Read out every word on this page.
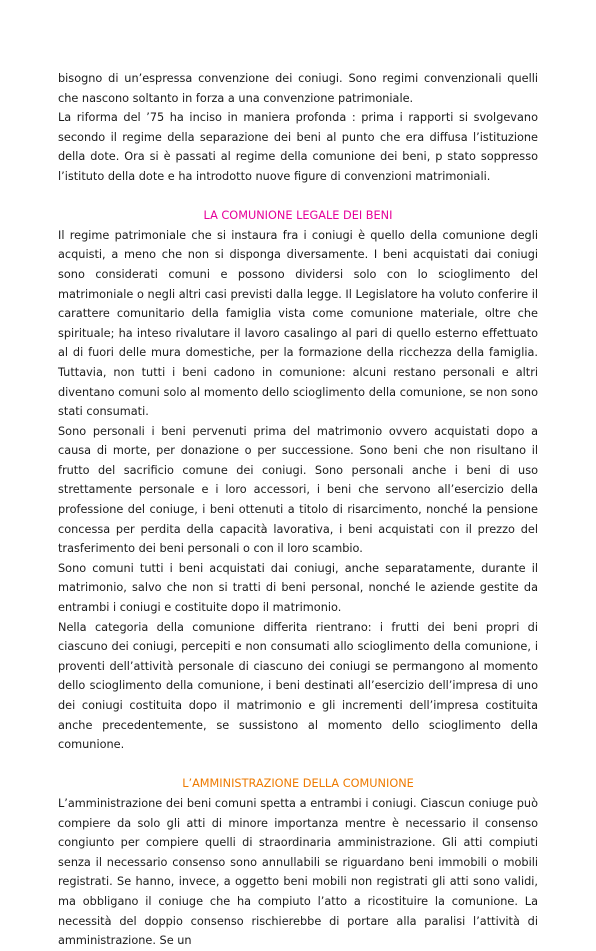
bisogno di un’espressa convenzione dei coniugi. Sono regimi convenzionali quelli che nascono soltanto in forza a una convenzione patrimoniale.

La riforma del ’75 ha inciso in maniera profonda : prima i rapporti si svolgevano secondo il regime della separazione dei beni al punto che era diffusa l’istituzione della dote. Ora si è passati al regime della comunione dei beni, p stato soppresso l’istituto della dote e ha introdotto nuove figure di convenzioni matrimoniali.

LA COMUNIONE LEGALE DEI BENI

Il regime patrimoniale che si instaura fra i coniugi è quello della comunione degli acquisti, a meno che non si disponga diversamente. I beni acquistati dai coniugi sono considerati comuni e possono dividersi solo con lo scioglimento del matrimoniale o negli altri casi previsti dalla legge. Il Legislatore ha voluto conferire il carattere comunitario della famiglia vista come comunione materiale, oltre che spirituale; ha inteso rivalutare il lavoro casalingo al pari di quello esterno effettuato al di fuori delle mura domestiche, per la formazione della ricchezza della famiglia. Tuttavia, non tutti i beni cadono in comunione: alcuni restano personali e altri diventano comuni solo al momento dello scioglimento della comunione, se non sono stati consumati.

Sono personali i beni pervenuti prima del matrimonio ovvero acquistati dopo a causa di morte, per donazione o per successione. Sono beni che non risultano il frutto del sacrificio comune dei coniugi. Sono personali anche i beni di uso strettamente personale e i loro accessori, i beni che servono all’esercizio della professione del coniuge, i beni ottenuti a titolo di risarcimento, nonché la pensione concessa per perdita della capacità lavorativa, i beni acquistati con il prezzo del trasferimento dei beni personali o con il loro scambio.

Sono comuni tutti i beni acquistati dai coniugi, anche separatamente, durante il matrimonio, salvo che non si tratti di beni personal, nonché le aziende gestite da entrambi i coniugi e costituite dopo il matrimonio.

Nella categoria della comunione differita rientrano: i frutti dei beni propri di ciascuno dei coniugi, percepiti e non consumati allo scioglimento della comunione, i proventi dell’attività personale di ciascuno dei coniugi se permangono al momento dello scioglimento della comunione, i beni destinati all’esercizio dell’impresa di uno dei coniugi costituita dopo il matrimonio e gli incrementi dell’impresa costituita anche precedentemente, se sussistono al momento dello scioglimento della comunione.

L’AMMINISTRAZIONE DELLA COMUNIONE

L’amministrazione dei beni comuni spetta a entrambi i coniugi. Ciascun coniuge può compiere da solo gli atti di minore importanza mentre è necessario il consenso congiunto per compiere quelli di straordinaria amministrazione. Gli atti compiuti senza il necessario consenso sono annullabili se riguardano beni immobili o mobili registrati. Se hanno, invece, a oggetto beni mobili non registrati gli atti sono validi, ma obbligano il coniuge che ha compiuto l’atto a ricostituire la comunione. La necessità del doppio consenso rischierebbe di portare alla paralisi l’attività di amministrazione. Se un
